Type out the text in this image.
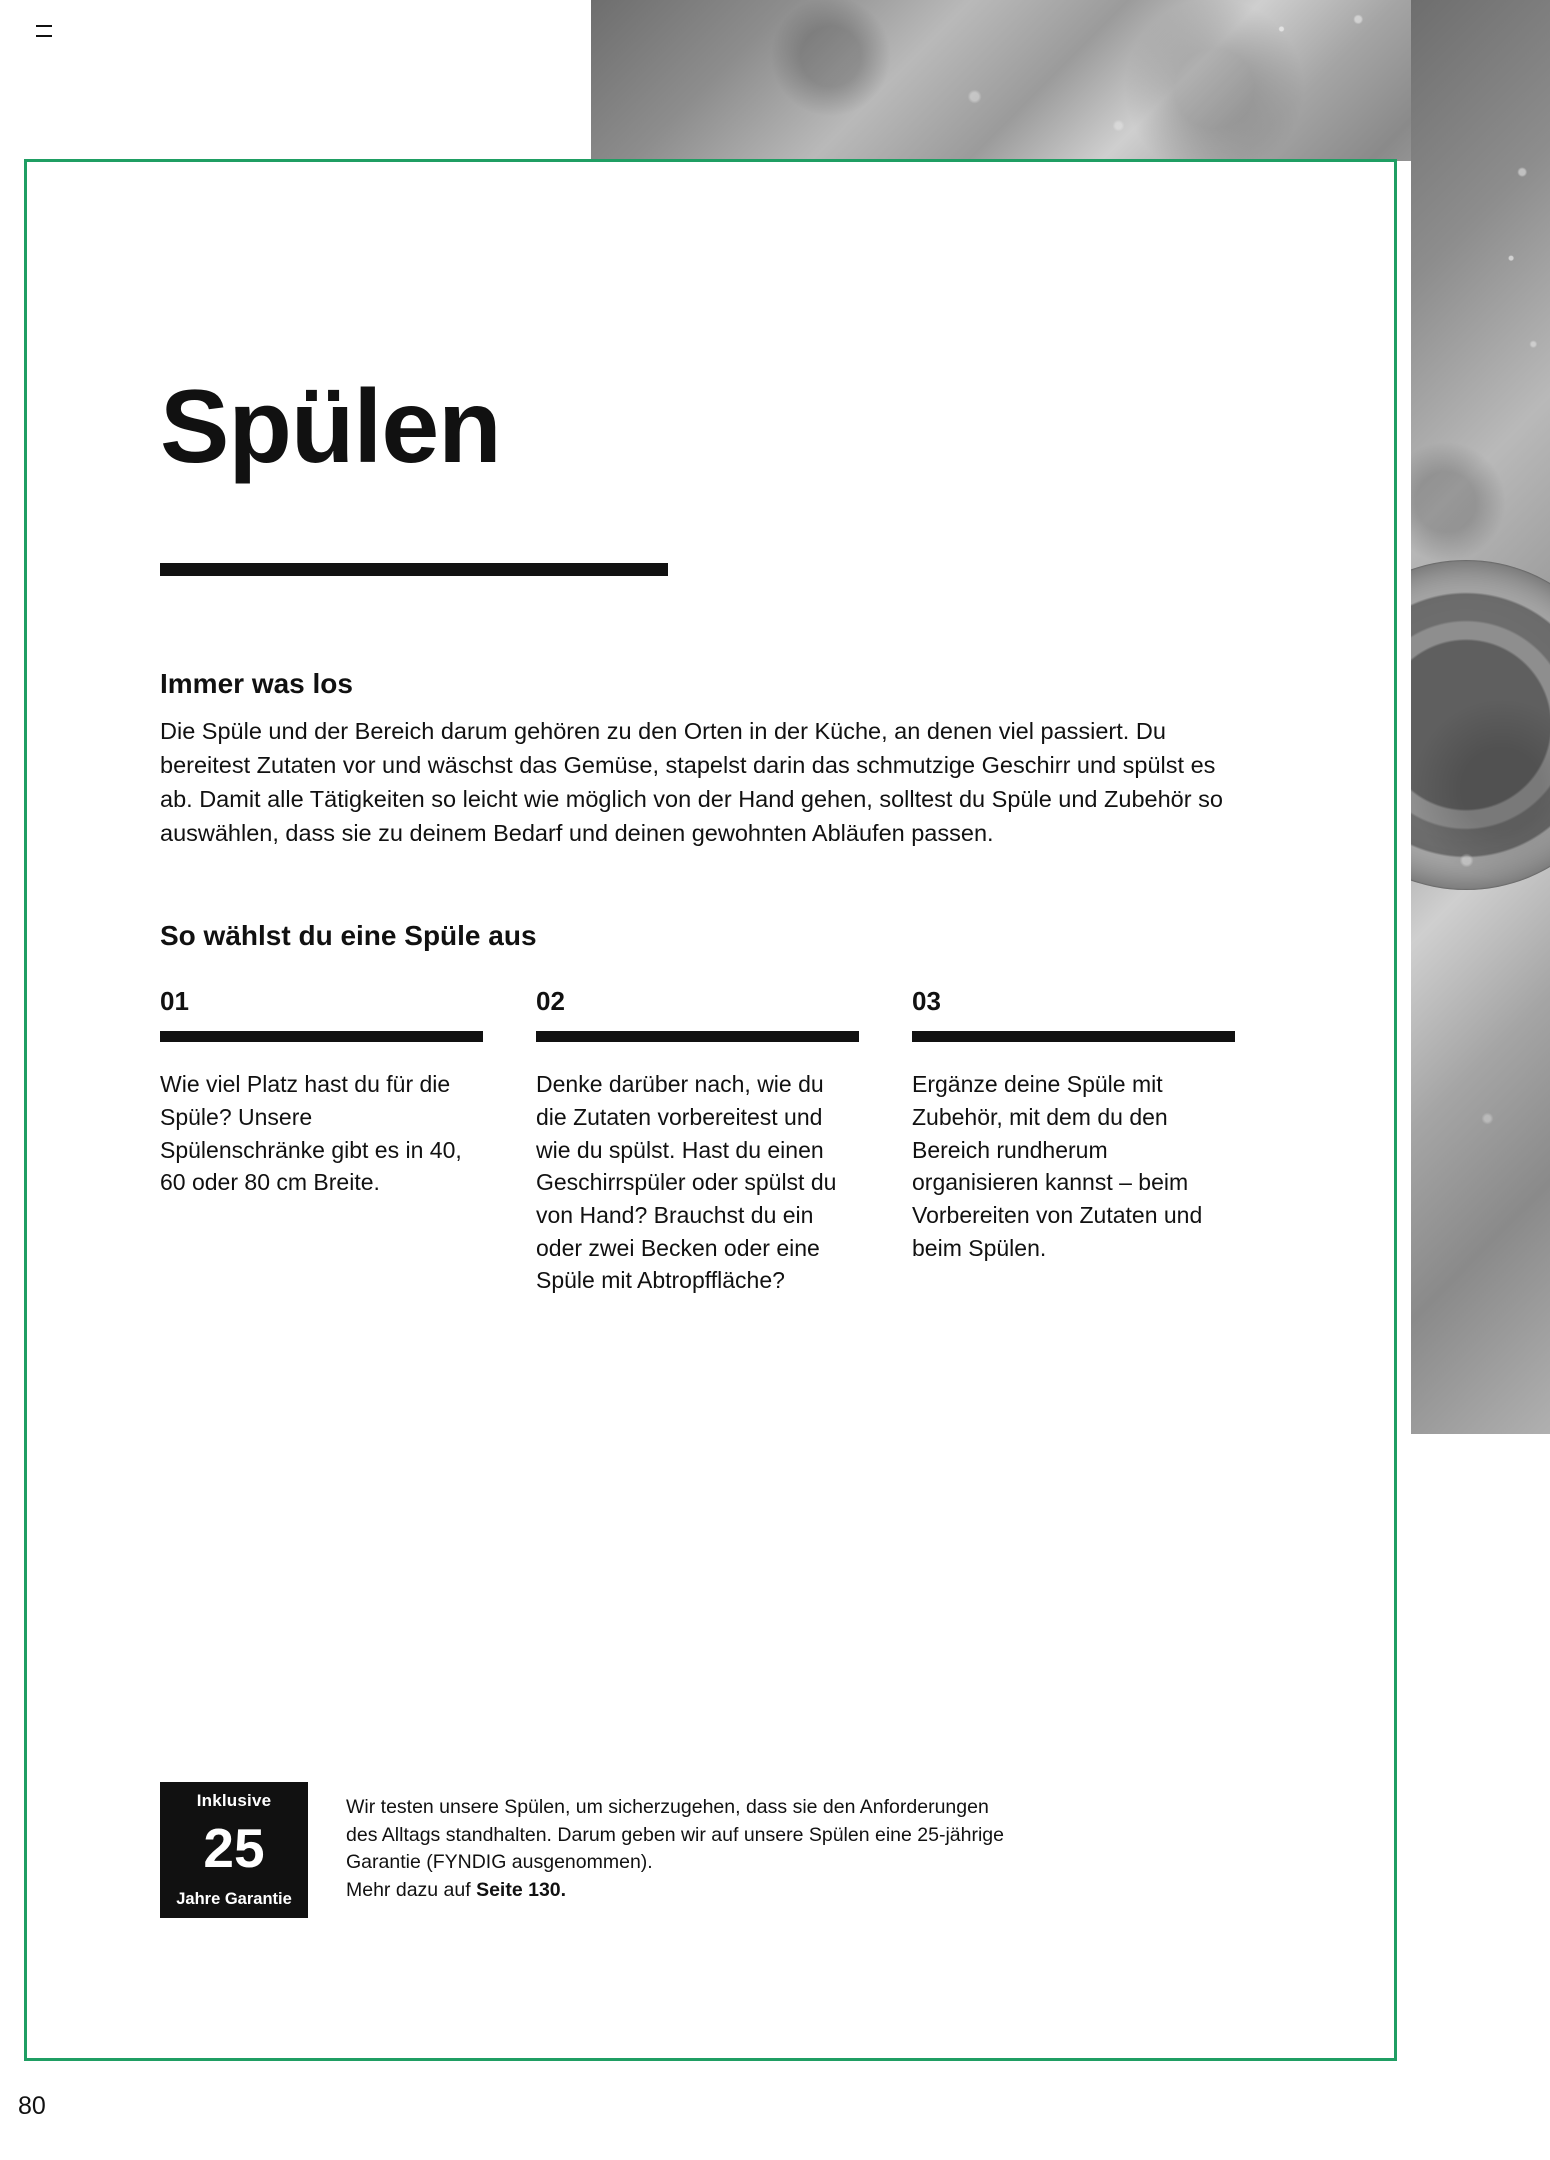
Spülen
Immer was los

Die Spüle und der Bereich darum gehören zu den Orten in der Küche, an denen viel passiert. Du bereitest Zutaten vor und wäschst das Gemüse, stapelst darin das schmutzige Geschirr und spülst es ab. Damit alle Tätigkeiten so leicht wie möglich von der Hand gehen, solltest du Spüle und Zubehör so auswählen, dass sie zu deinem Bedarf und deinen gewohnten Abläufen passen.

So wählst du eine Spüle aus
01
Wie viel Platz hast du für die Spüle? Unsere Spülenschränke gibt es in 40, 60 oder 80 cm Breite.
02
Denke darüber nach, wie du die Zutaten vorbereitest und wie du spülst. Hast du einen Geschirrspüler oder spülst du von Hand? Brauchst du ein oder zwei Becken oder eine Spüle mit Abtropffläche?
03
Ergänze deine Spüle mit Zubehör, mit dem du den Bereich rundherum organisieren kannst – beim Vorbereiten von Zutaten und beim Spülen.
Inklusive
25
Jahre Garantie
Wir testen unsere Spülen, um sicherzugehen, dass sie den Anforderungen
des Alltags standhalten. Darum geben wir auf unsere Spülen eine 25-jährige
Garantie (FYNDIG ausgenommen).
Mehr dazu auf Seite 130.
80
